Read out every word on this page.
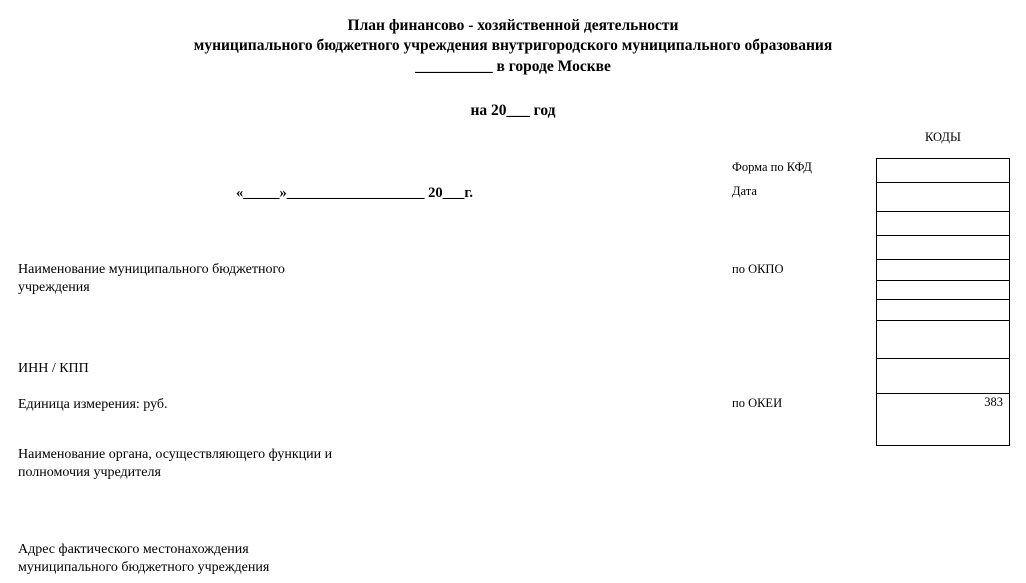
План финансово - хозяйственной деятельности
муниципального бюджетного учреждения внутригородского муниципального образования
__________ в городе Москве
на 20___ год
«_____»___________________ 20___г.
КОДЫ
Форма по КФД
Дата
по ОКПО
по ОКЕИ	383
Наименование муниципального бюджетного
учреждения
ИНН / КПП
Единица измерения: руб.
Наименование органа, осуществляющего функции и
полномочия учредителя
Адрес фактического местонахождения
муниципального бюджетного учреждения
